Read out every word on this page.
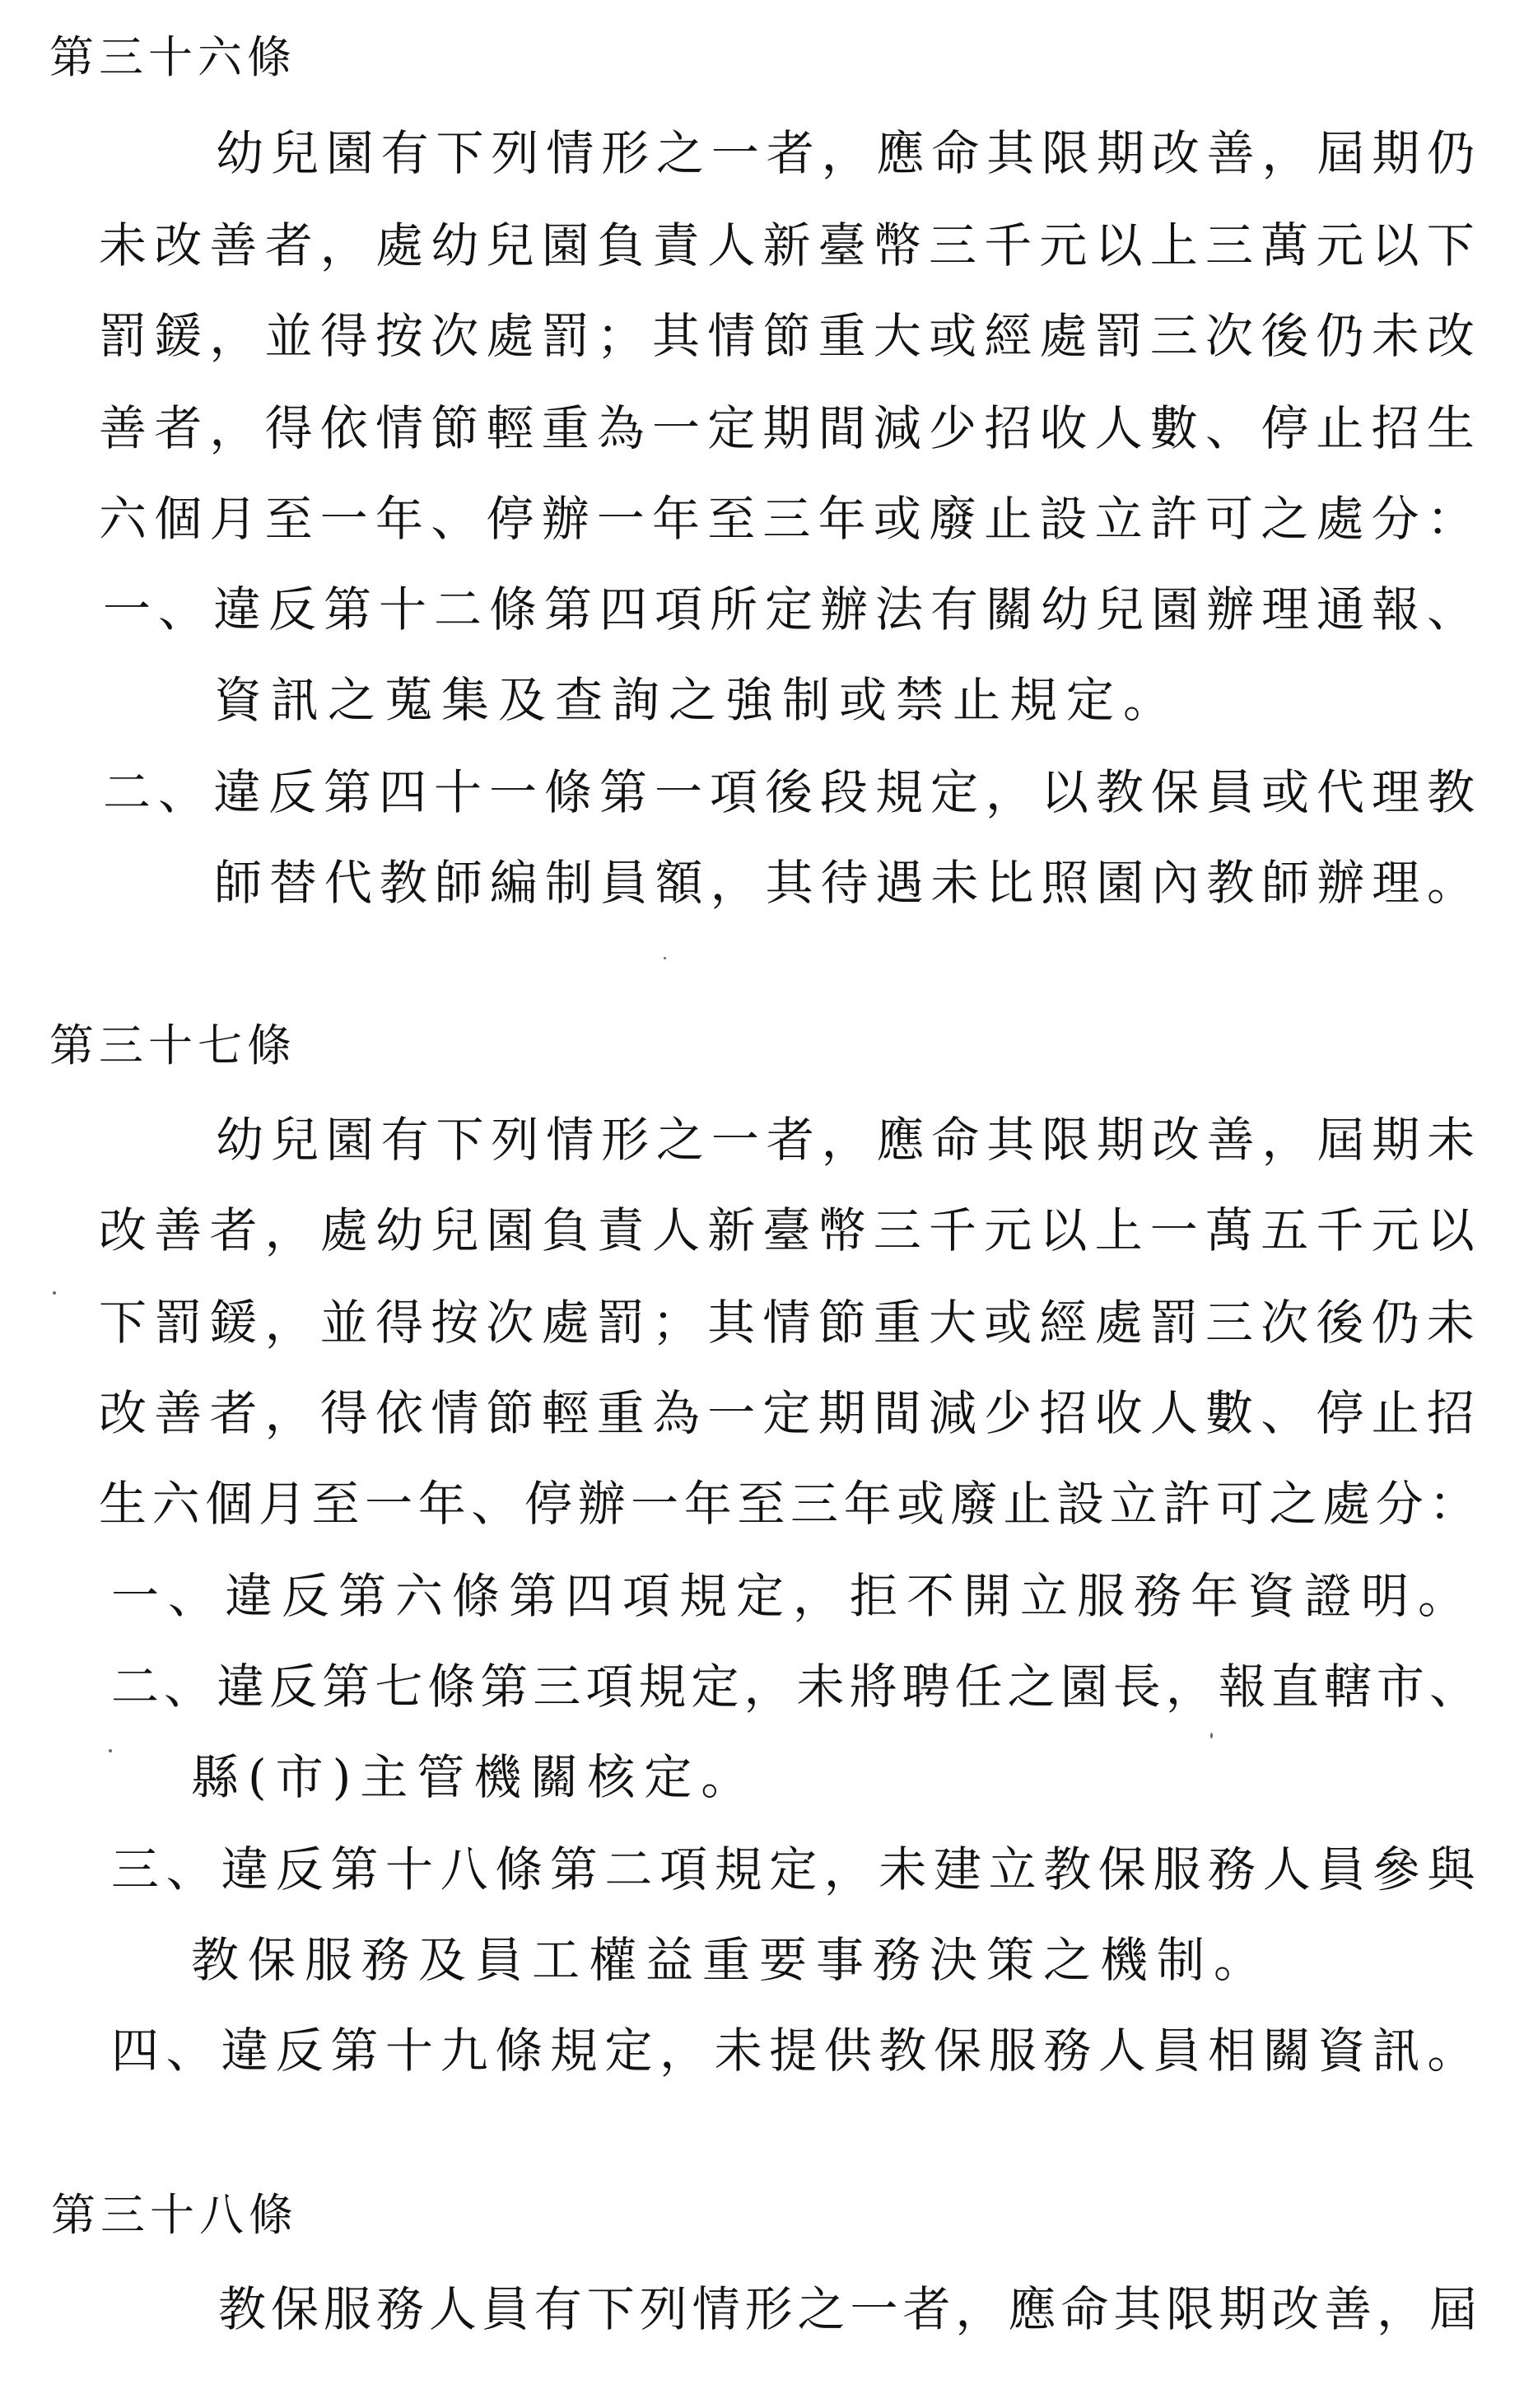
第三十六條
幼兒園有下列情形之一者，應命其限期改善，屆期仍
未改善者，處幼兒園負責人新臺幣三千元以上三萬元以下
罰鍰，並得按次處罰；其情節重大或經處罰三次後仍未改
善者，得依情節輕重為一定期間減少招收人數、停止招生
六個月至一年、停辦一年至三年或廢止設立許可之處分：
一、違反第十二條第四項所定辦法有關幼兒園辦理通報、
資訊之蒐集及查詢之強制或禁止規定。
二、違反第四十一條第一項後段規定，以教保員或代理教
師替代教師編制員額，其待遇未比照園內教師辦理。
第三十七條
幼兒園有下列情形之一者，應命其限期改善，屆期未
改善者，處幼兒園負責人新臺幣三千元以上一萬五千元以
下罰鍰，並得按次處罰；其情節重大或經處罰三次後仍未
改善者，得依情節輕重為一定期間減少招收人數、停止招
生六個月至一年、停辦一年至三年或廢止設立許可之處分：
一、違反第六條第四項規定，拒不開立服務年資證明。
二、違反第七條第三項規定，未將聘任之園長，報直轄市、
縣(市)主管機關核定。
三、違反第十八條第二項規定，未建立教保服務人員參與
教保服務及員工權益重要事務決策之機制。
四、違反第十九條規定，未提供教保服務人員相關資訊。
第三十八條
教保服務人員有下列情形之一者，應命其限期改善，屆
